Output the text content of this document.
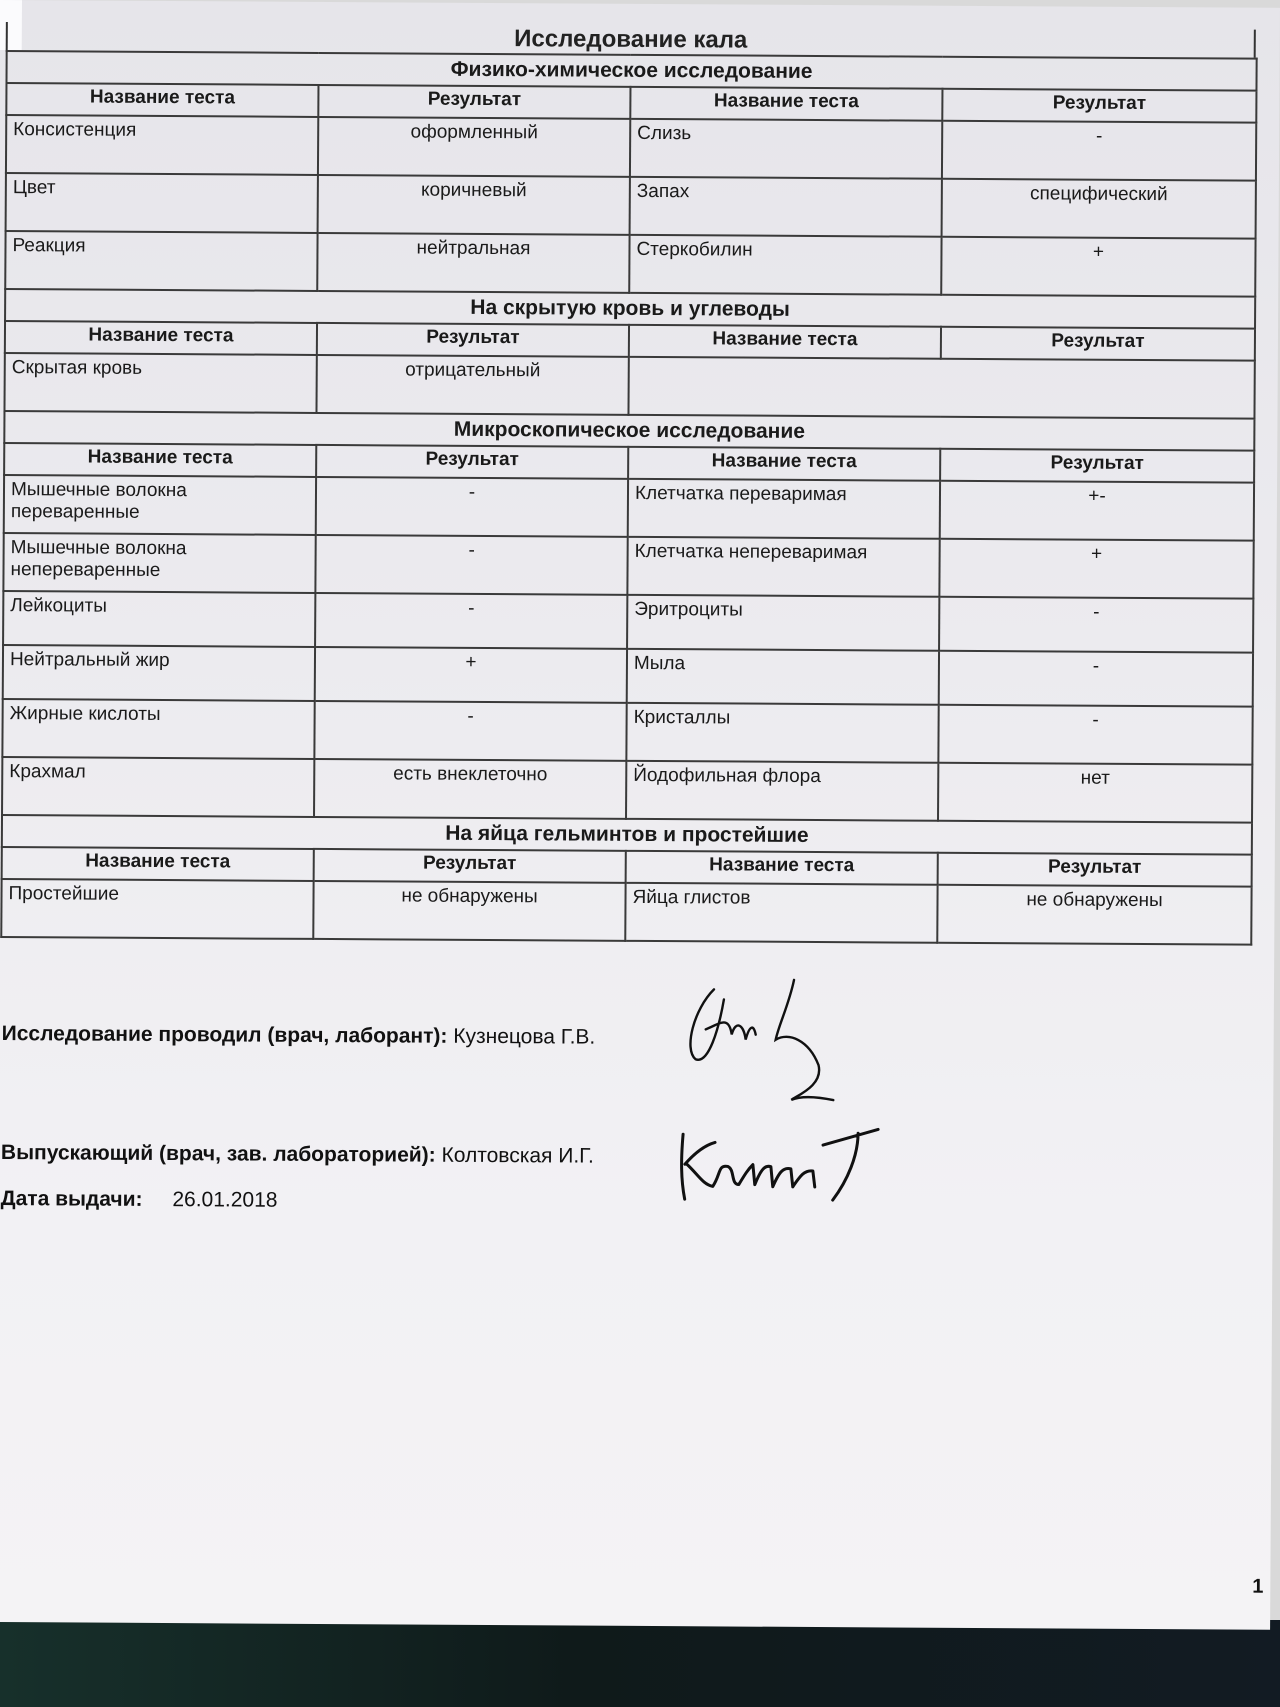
Исследование кала
Физико-химическое исследование			
Название теста	Результат	Название теста	Результат
Консистенция	оформленный	Слизь	-
Цвет	коричневый	Запах	специфический
Реакция	нейтральная	Стеркобилин	+
На скрытую кровь и углеводы			
Название теста	Результат	Название теста	Результат
Скрытая кровь	отрицательный		
Микроскопическое исследование			
Название теста	Результат	Название теста	Результат
Мышечные волокна переваренные	-	Клетчатка переваримая	+-
Мышечные волокна непереваренные	-	Клетчатка непереваримая	+
Лейкоциты	-	Эритроциты	-
Нейтральный жир	+	Мыла	-
Жирные кислоты	-	Кристаллы	-
Крахмал	есть внеклеточно	Йодофильная флора	нет
На яйца гельминтов и простейшие			
Название теста	Результат	Название теста	Результат
Простейшие	не обнаружены	Яйца глистов	не обнаружены
Исследование проводил (врач, лаборант): Кузнецова Г.В.
Выпускающий (врач, зав. лабораторией): Колтовская И.Г.
Дата выдачи: 26.01.2018
1
